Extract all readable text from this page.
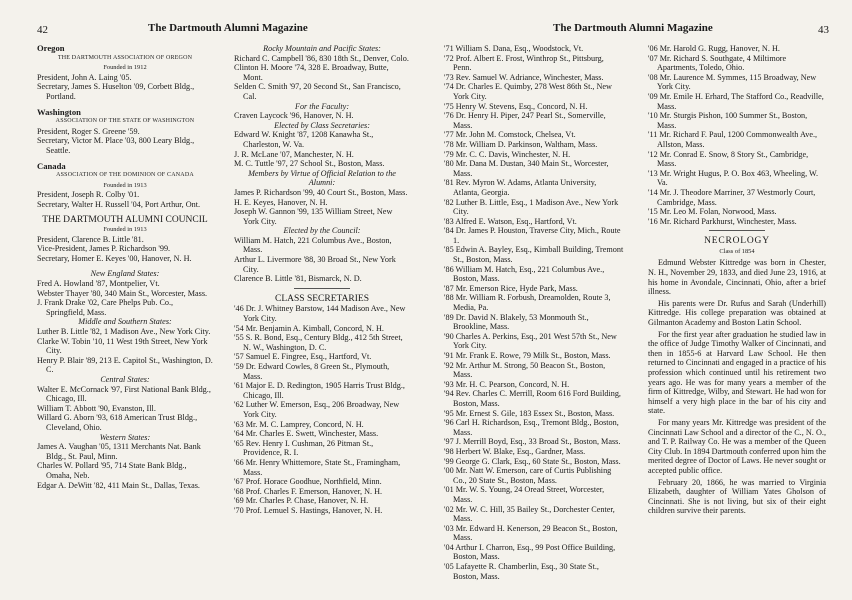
42	The Dartmouth Alumni Magazine

Oregon

THE DARTMOUTH ASSOCIATION OF OREGON

Founded in 1912

President, John A. Laing '05.

Secretary, James S. Huselton '09, Corbett Bldg., Portland.

Washington

ASSOCIATION OF THE STATE OF WASHINGTON

President, Roger S. Greene '59.

Secretary, Victor M. Place '03, 800 Leary Bldg., Seattle.

Canada

ASSOCIATION OF THE DOMINION OF CANADA

Founded in 1913

President, Joseph R. Colby '01.

Secretary, Walter H. Russell '04, Port Arthur, Ont.

THE DARTMOUTH ALUMNI COUNCIL

Founded in 1913

President, Clarence B. Little '81.

Vice-President, James P. Richardson '99.

Secretary, Homer E. Keyes '00, Hanover, N. H.

New England States:

Fred A. Howland '87, Montpelier, Vt.

Webster Thayer '80, 340 Main St., Worcester, Mass.

J. Frank Drake '02, Care Phelps Pub. Co., Springfield, Mass.

Middle and Southern States:

Luther B. Little '82, 1 Madison Ave., New York City.

Clarke W. Tobin '10, 11 West 19th Street, New York City.

Henry P. Blair '89, 213 E. Capitol St., Washington, D. C.

Central States:

Walter E. McCornack '97, First National Bank Bldg., Chicago, Ill.

William T. Abbott '90, Evanston, Ill.

Willard G. Aborn '93, 618 American Trust Bldg., Cleveland, Ohio.

Western States:

James A. Vaughan '05, 1311 Merchants Nat. Bank Bldg., St. Paul, Minn.

Charles W. Pollard '95, 714 State Bank Bldg., Omaha, Neb.

Edgar A. DeWitt '82, 411 Main St., Dallas, Texas.

Rocky Mountain and Pacific States:

Richard C. Campbell '86, 830 18th St., Denver, Colo.

Clinton H. Moore '74, 328 E. Broadway, Butte, Mont.

Selden C. Smith '97, 20 Second St., San Francisco, Cal.

For the Faculty:

Craven Laycock '96, Hanover, N. H.

Elected by Class Secretaries:

Edward W. Knight '87, 1208 Kanawha St., Charleston, W. Va.

J. R. McLane '07, Manchester, N. H.

M. C. Tuttle '97, 27 School St., Boston, Mass.

Members by Virtue of Official Relation to the Alumni:

James P. Richardson '99, 40 Court St., Boston, Mass.

H. E. Keyes, Hanover, N. H.

Joseph W. Gannon '99, 135 William Street, New York City.

Elected by the Council:

William M. Hatch, 221 Columbus Ave., Boston, Mass.

Arthur L. Livermore '88, 30 Broad St., New York City.

Clarence B. Little '81, Bismarck, N. D.

CLASS SECRETARIES

'46 Dr. J. Whitney Barstow, 144 Madison Ave., New York City.

'54 Mr. Benjamin A. Kimball, Concord, N. H.

'55 S. R. Bond, Esq., Century Bldg., 412 5th Street, N. W., Washington, D. C.

'57 Samuel E. Fingree, Esq., Hartford, Vt.

'59 Dr. Edward Cowles, 8 Green St., Plymouth, Mass.

'61 Major E. D. Redington, 1905 Harris Trust Bldg., Chicago, Ill.

'62 Luther W. Emerson, Esq., 206 Broadway, New York City.

'63 Mr. M. C. Lamprey, Concord, N. H.

'64 Mr. Charles E. Swett, Winchester, Mass.

'65 Rev. Henry I. Cushman, 26 Pitman St., Providence, R. I.

'66 Mr. Henry Whittemore, State St., Framingham, Mass.

'67 Prof. Horace Goodhue, Northfield, Minn.

'68 Prof. Charles F. Emerson, Hanover, N. H.

'69 Mr. Charles P. Chase, Hanover, N. H.

'70 Prof. Lemuel S. Hastings, Hanover, N. H.

The Dartmouth Alumni Magazine	43

'71 William S. Dana, Esq., Woodstock, Vt.

'72 Prof. Albert E. Frost, Winthrop St., Pittsburg, Penn.

'73 Rev. Samuel W. Adriance, Winchester, Mass.

'74 Dr. Charles E. Quimby, 278 West 86th St., New York City.

'75 Henry W. Stevens, Esq., Concord, N. H.

'76 Dr. Henry H. Piper, 247 Pearl St., Somerville, Mass.

'77 Mr. John M. Comstock, Chelsea, Vt.

'78 Mr. William D. Parkinson, Waltham, Mass.

'79 Mr. C. C. Davis, Winchester, N. H.

'80 Mr. Dana M. Dustan, 340 Main St., Worcester, Mass.

'81 Rev. Myron W. Adams, Atlanta University, Atlanta, Georgia.

'82 Luther B. Little, Esq., 1 Madison Ave., New York City.

'83 Alfred E. Watson, Esq., Hartford, Vt.

'84 Dr. James P. Houston, Traverse City, Mich., Route 1.

'85 Edwin A. Bayley, Esq., Kimball Building, Tremont St., Boston, Mass.

'86 William M. Hatch, Esq., 221 Columbus Ave., Boston, Mass.

'87 Mr. Emerson Rice, Hyde Park, Mass.

'88 Mr. William R. Forbush, Dreamolden, Route 3, Media, Pa.

'89 Dr. David N. Blakely, 53 Monmouth St., Brookline, Mass.

'90 Charles A. Perkins, Esq., 201 West 57th St., New York City.

'91 Mr. Frank E. Rowe, 79 Milk St., Boston, Mass.

'92 Mr. Arthur M. Strong, 50 Beacon St., Boston, Mass.

'93 Mr. H. C. Pearson, Concord, N. H.

'94 Rev. Charles C. Merrill, Room 616 Ford Building, Boston, Mass.

'95 Mr. Ernest S. Gile, 183 Essex St., Boston, Mass.

'96 Carl H. Richardson, Esq., Tremont Bldg., Boston, Mass.

'97 J. Merrill Boyd, Esq., 33 Broad St., Boston, Mass.

'98 Herbert W. Blake, Esq., Gardner, Mass.

'99 George G. Clark, Esq., 60 State St., Boston, Mass.

'00 Mr. Natt W. Emerson, care of Curtis Publishing Co., 20 State St., Boston, Mass.

'01 Mr. W. S. Young, 24 Oread Street, Worcester, Mass.

'02 Mr. W. C. Hill, 35 Bailey St., Dorchester Center, Mass.

'03 Mr. Edward H. Kenerson, 29 Beacon St., Boston, Mass.

'04 Arthur I. Charron, Esq., 99 Post Office Building, Boston, Mass.

'05 Lafayette R. Chamberlin, Esq., 30 State St., Boston, Mass.

'06 Mr. Harold G. Rugg, Hanover, N. H.

'07 Mr. Richard S. Southgate, 4 Miltimore Apartments, Toledo, Ohio.

'08 Mr. Laurence M. Symmes, 115 Broadway, New York City.

'09 Mr. Emile H. Erhard, The Stafford Co., Readville, Mass.

'10 Mr. Sturgis Pishon, 100 Summer St., Boston, Mass.

'11 Mr. Richard F. Paul, 1200 Commonwealth Ave., Allston, Mass.

'12 Mr. Conrad E. Snow, 8 Story St., Cambridge, Mass.

'13 Mr. Wright Hugus, P. O. Box 463, Wheeling, W. Va.

'14 Mr. J. Theodore Marriner, 37 Westmorly Court, Cambridge, Mass.

'15 Mr. Leo M. Folan, Norwood, Mass.

'16 Mr. Richard Parkhurst, Winchester, Mass.

NECROLOGY

Class of 1854

Edmund Webster Kittredge was born in Chester, N. H., November 29, 1833, and died June 23, 1916, at his home in Avondale, Cincinnati, Ohio, after a brief illness.

His parents were Dr. Rufus and Sarah (Underhill) Kittredge. His college preparation was obtained at Gilmanton Academy and Boston Latin School.

For the first year after graduation he studied law in the office of Judge Timothy Walker of Cincinnati, and then in 1855-6 at Harvard Law School. He then returned to Cincinnati and engaged in a practice of his profession which continued until his retirement two years ago. He was for many years a member of the firm of Kittredge, Wilby, and Stewart. He had won for himself a very high place in the bar of his city and state.

For many years Mr. Kittredge was president of the Cincinnati Law School and a director of the C., N. O., and T. P. Railway Co. He was a member of the Queen City Club. In 1894 Dartmouth conferred upon him the merited degree of Doctor of Laws. He never sought or accepted public office.

February 20, 1866, he was married to Virginia Elizabeth, daughter of William Yates Gholson of Cincinnati. She is not living, but six of their eight children survive their parents.
